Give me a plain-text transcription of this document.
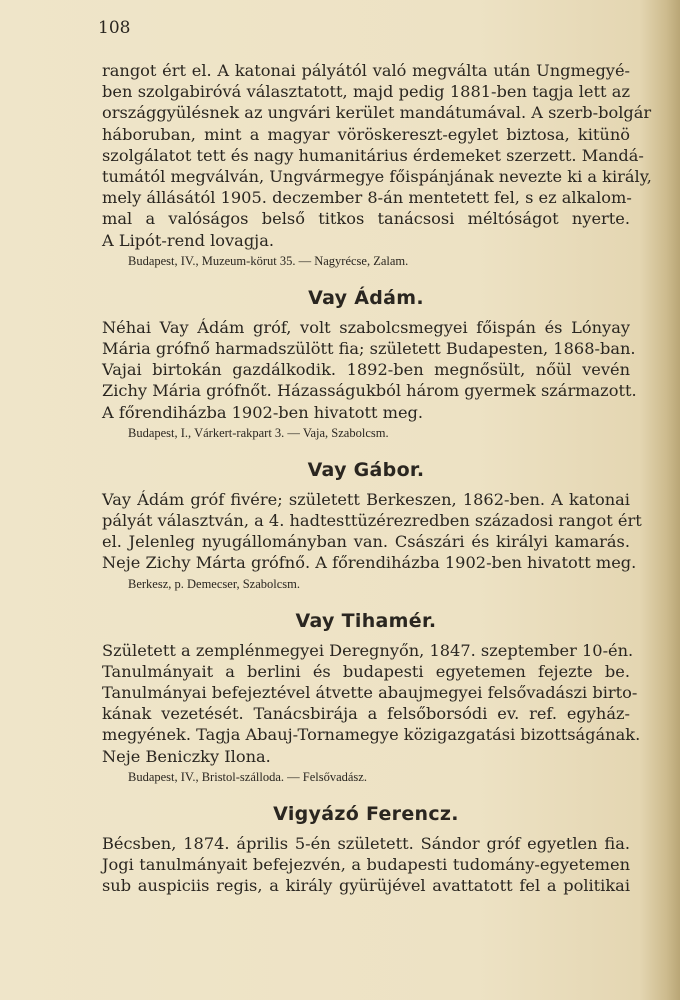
108

rangot ért el. A katonai pályától való megválta után Ungmegyé-
ben szolgabiróvá választatott, majd pedig 1881-ben tagja lett az
országgyülésnek az ungvári kerület mandátumával. A szerb-bolgár
háboruban, mint a magyar vöröskereszt-egylet biztosa, kitünö
szolgálatot tett és nagy humanitárius érdemeket szerzett. Mandá-
tumától megválván, Ungvármegye főispánjának nevezte ki a király,
mely állásától 1905. deczember 8-án mentetett fel, s ez alkalom-
mal a valóságos belső titkos tanácsosi méltóságot nyerte.
A Lipót-rend lovagja.

Budapest, IV., Muzeum-körut 35. — Nagyrécse, Zalam.
Vay Ádám.

Néhai Vay Ádám gróf, volt szabolcsmegyei főispán és Lónyay
Mária grófnő harmadszülött fia; született Budapesten, 1868-ban.
Vajai birtokán gazdálkodik. 1892-ben megnősült, nőül vevén
Zichy Mária grófnőt. Házasságukból három gyermek származott.
A főrendiházba 1902-ben hivatott meg.

Budapest, I., Várkert-rakpart 3. — Vaja, Szabolcsm.
Vay Gábor.

Vay Ádám gróf fivére; született Berkeszen, 1862-ben. A katonai
pályát választván, a 4. hadtesttüzérezredben századosi rangot ért
el. Jelenleg nyugállományban van. Császári és királyi kamarás.
Neje Zichy Márta grófnő. A főrendiházba 1902-ben hivatott meg.

Berkesz, p. Demecser, Szabolcsm.
Vay Tihamér.

Született a zemplénmegyei Deregnyőn, 1847. szeptember 10-én.
Tanulmányait a berlini és budapesti egyetemen fejezte be.
Tanulmányai befejeztével átvette abaujmegyei felsővadászi birto-
kának vezetését. Tanácsbirája a felsőborsódi ev. ref. egyház-
megyének. Tagja Abauj-Tornamegye közigazgatási bizottságának.
Neje Beniczky Ilona.

Budapest, IV., Bristol-szálloda. — Felsővadász.
Vigyázó Ferencz.

Bécsben, 1874. április 5-én született. Sándor gróf egyetlen fia.
Jogi tanulmányait befejezvén, a budapesti tudomány-egyetemen
sub auspiciis regis, a király gyürüjével avattatott fel a politikai
